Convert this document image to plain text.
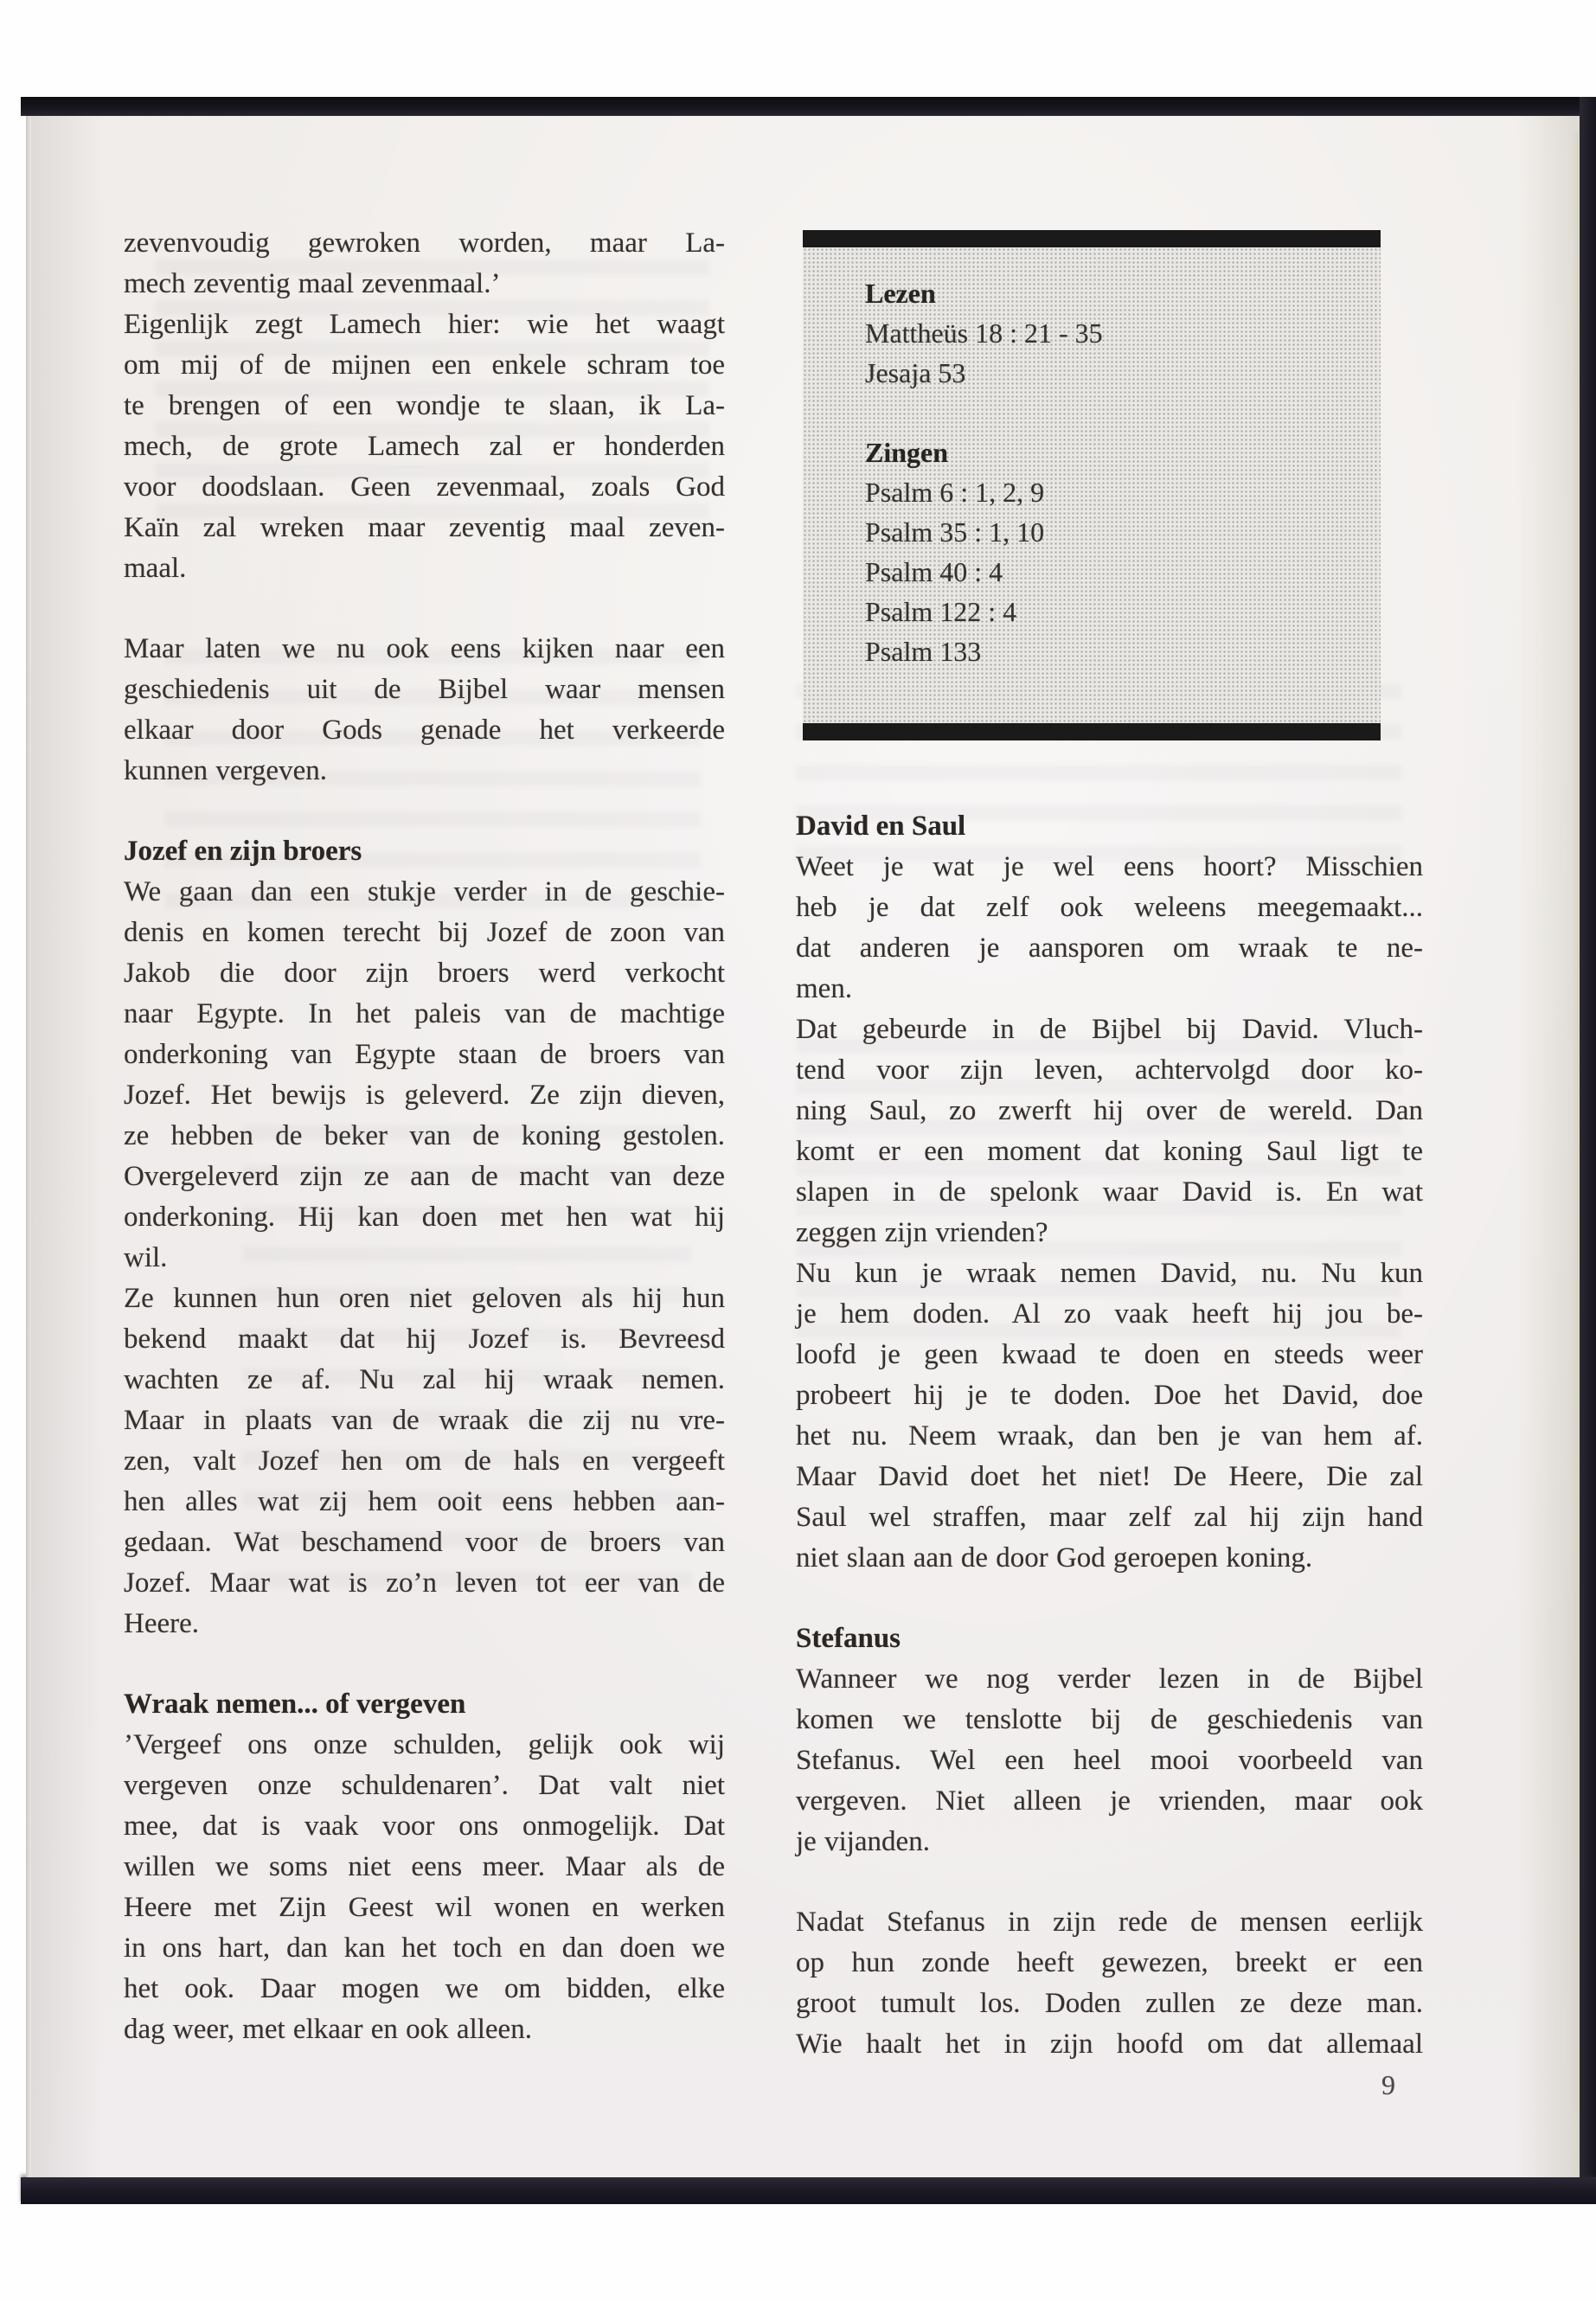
zevenvoudig gewroken worden, maar La-
mech zeventig maal zevenmaal.’
Eigenlijk zegt Lamech hier: wie het waagt
om mij of de mijnen een enkele schram toe
te brengen of een wondje te slaan, ik La-
mech, de grote Lamech zal er honderden
voor doodslaan. Geen zevenmaal, zoals God
Kaïn zal wreken maar zeventig maal zeven-
maal.
Maar laten we nu ook eens kijken naar een
geschiedenis uit de Bijbel waar mensen
elkaar door Gods genade het verkeerde
kunnen vergeven.
Jozef en zijn broers
We gaan dan een stukje verder in de geschie-
denis en komen terecht bij Jozef de zoon van
Jakob die door zijn broers werd verkocht
naar Egypte. In het paleis van de machtige
onderkoning van Egypte staan de broers van
Jozef. Het bewijs is geleverd. Ze zijn dieven,
ze hebben de beker van de koning gestolen.
Overgeleverd zijn ze aan de macht van deze
onderkoning. Hij kan doen met hen wat hij
wil.
Ze kunnen hun oren niet geloven als hij hun
bekend maakt dat hij Jozef is. Bevreesd
wachten ze af. Nu zal hij wraak nemen.
Maar in plaats van de wraak die zij nu vre-
zen, valt Jozef hen om de hals en vergeeft
hen alles wat zij hem ooit eens hebben aan-
gedaan. Wat beschamend voor de broers van
Jozef. Maar wat is zo’n leven tot eer van de
Heere.
Wraak nemen... of vergeven
’Vergeef ons onze schulden, gelijk ook wij
vergeven onze schuldenaren’. Dat valt niet
mee, dat is vaak voor ons onmogelijk. Dat
willen we soms niet eens meer. Maar als de
Heere met Zijn Geest wil wonen en werken
in ons hart, dan kan het toch en dan doen we
het ook. Daar mogen we om bidden, elke
dag weer, met elkaar en ook alleen.
Lezen
Mattheüs 18 : 21 - 35
Jesaja 53
Zingen
Psalm 6 : 1, 2, 9
Psalm 35 : 1, 10
Psalm 40 : 4
Psalm 122 : 4
Psalm 133
David en Saul
Weet je wat je wel eens hoort? Misschien
heb je dat zelf ook weleens meegemaakt...
dat anderen je aansporen om wraak te ne-
men.
Dat gebeurde in de Bijbel bij David. Vluch-
tend voor zijn leven, achtervolgd door ko-
ning Saul, zo zwerft hij over de wereld. Dan
komt er een moment dat koning Saul ligt te
slapen in de spelonk waar David is. En wat
zeggen zijn vrienden?
Nu kun je wraak nemen David, nu. Nu kun
je hem doden. Al zo vaak heeft hij jou be-
loofd je geen kwaad te doen en steeds weer
probeert hij je te doden. Doe het David, doe
het nu. Neem wraak, dan ben je van hem af.
Maar David doet het niet! De Heere, Die zal
Saul wel straffen, maar zelf zal hij zijn hand
niet slaan aan de door God geroepen koning.
Stefanus
Wanneer we nog verder lezen in de Bijbel
komen we tenslotte bij de geschiedenis van
Stefanus. Wel een heel mooi voorbeeld van
vergeven. Niet alleen je vrienden, maar ook
je vijanden.
Nadat Stefanus in zijn rede de mensen eerlijk
op hun zonde heeft gewezen, breekt er een
groot tumult los. Doden zullen ze deze man.
Wie haalt het in zijn hoofd om dat allemaal
9
